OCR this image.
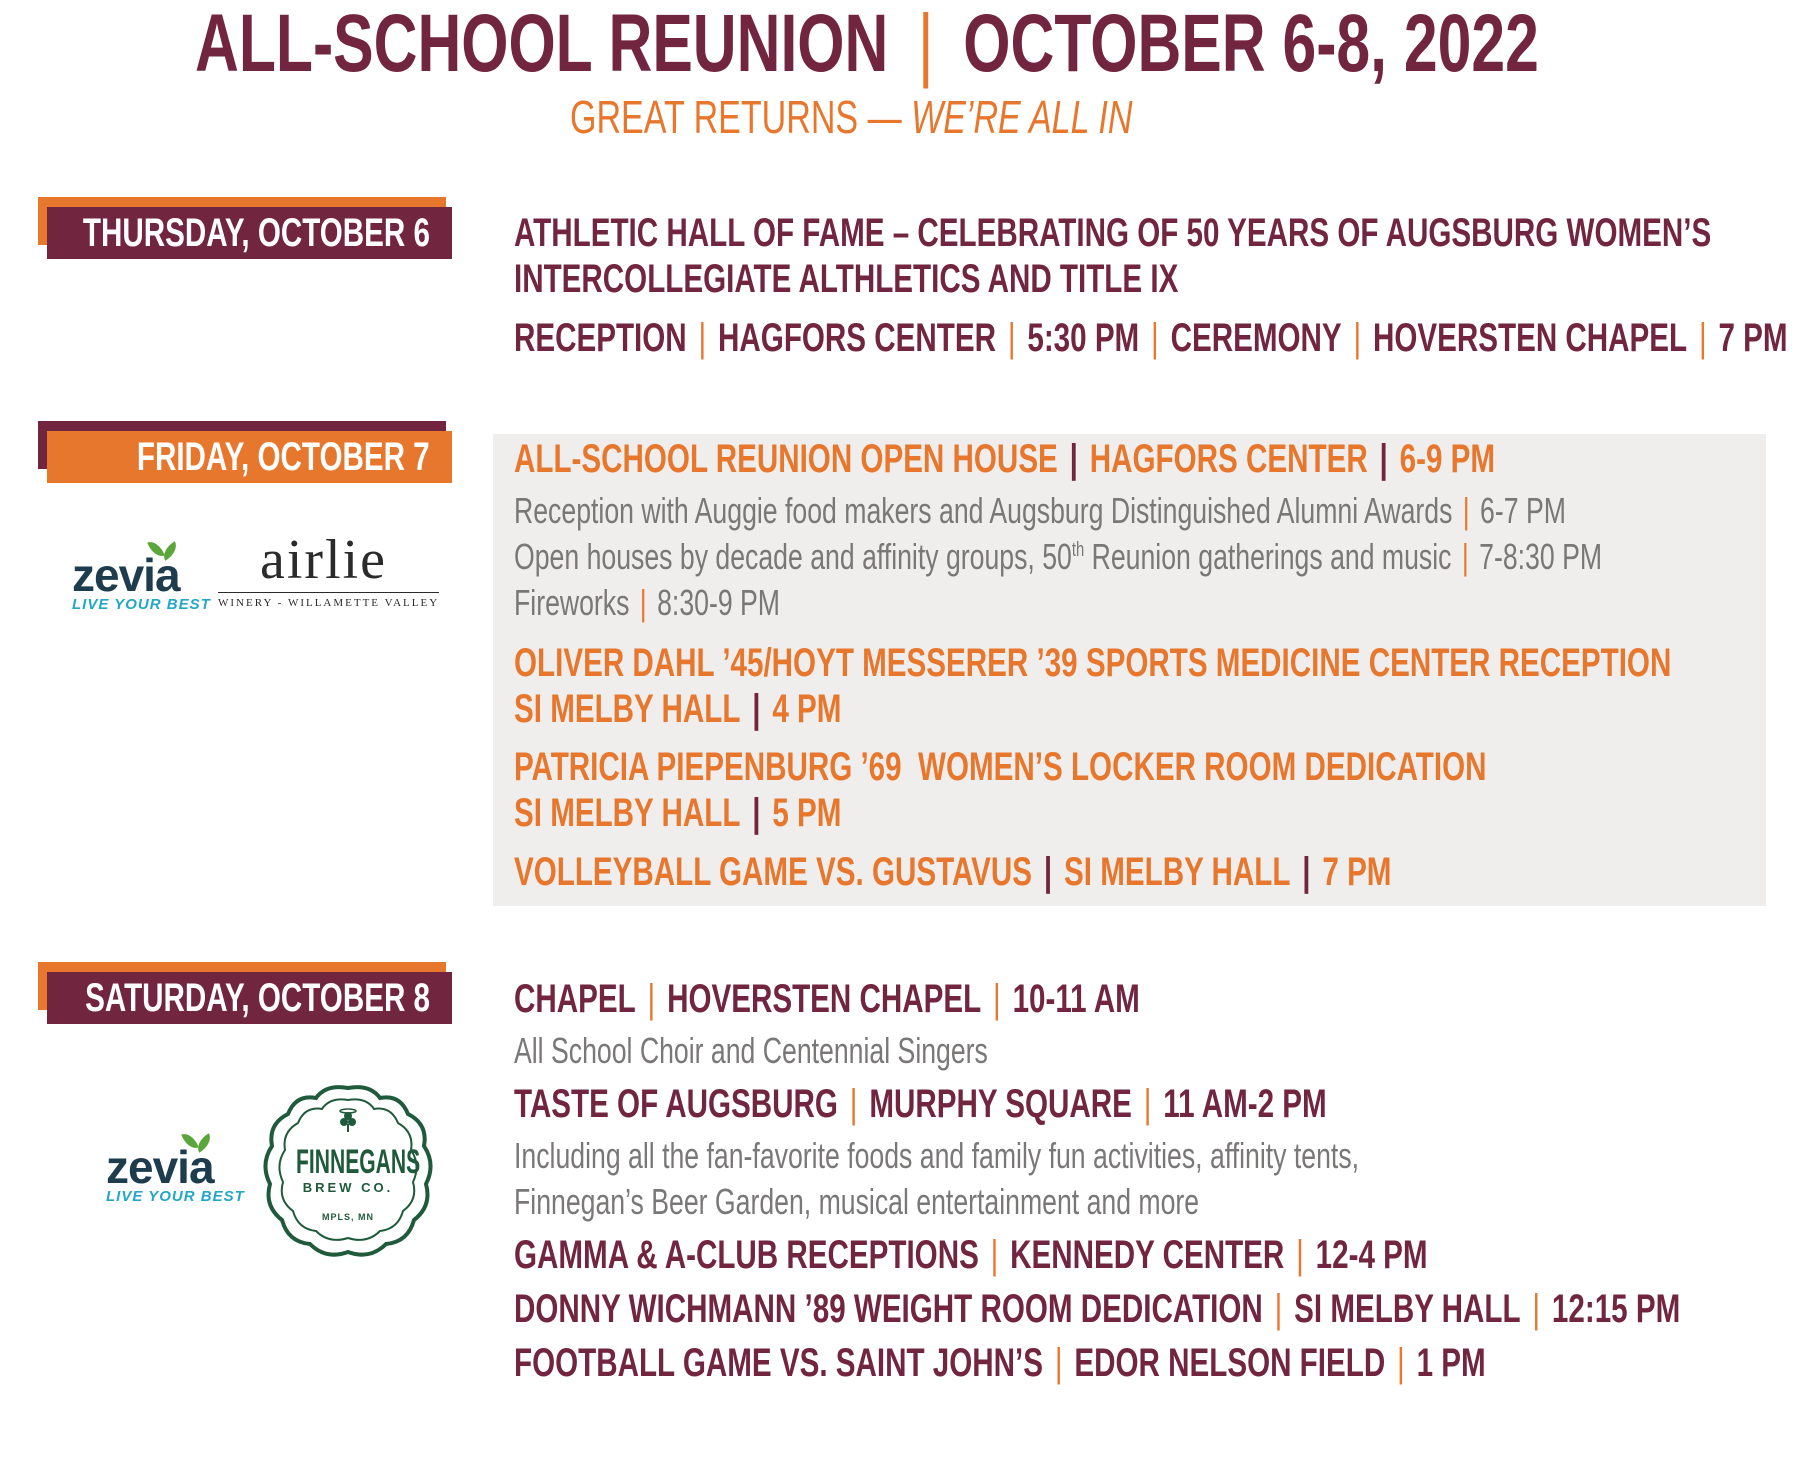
ALL-SCHOOL REUNION | OCTOBER 6-8, 2022
GREAT RETURNS — WE’RE ALL IN
THURSDAY, OCTOBER 6 ATHLETIC HALL OF FAME – CELEBRATING OF 50 YEARS OF AUGSBURG WOMEN’S
INTERCOLLEGIATE ALTHLETICS AND TITLE IX
RECEPTION | HAGFORS CENTER | 5:30 PM | CEREMONY | HOVERSTEN CHAPEL | 7 PM
FRIDAY, OCTOBER 7 ALL-SCHOOL REUNION OPEN HOUSE | HAGFORS CENTER | 6-9 PM
Reception with Auggie food makers and Augsburg Distinguished Alumni Awards | 6-7 PM
Open houses by decade and affinity groups, 50th Reunion gatherings and music | 7-8:30 PM
Fireworks | 8:30-9 PM
OLIVER DAHL ’45/HOYT MESSERER ’39 SPORTS MEDICINE CENTER RECEPTION
SI MELBY HALL | 4 PM
PATRICIA PIEPENBURG ’69  WOMEN’S LOCKER ROOM DEDICATION
SI MELBY HALL | 5 PM
VOLLEYBALL GAME VS. GUSTAVUS | SI MELBY HALL | 7 PM
SATURDAY, OCTOBER 8 CHAPEL | HOVERSTEN CHAPEL | 10-11 AM
All School Choir and Centennial Singers
TASTE OF AUGSBURG | MURPHY SQUARE | 11 AM-2 PM
Including all the fan-favorite foods and family fun activities, affinity tents,
Finnegan’s Beer Garden, musical entertainment and more
GAMMA & A-CLUB RECEPTIONS | KENNEDY CENTER | 12-4 PM
DONNY WICHMANN ’89 WEIGHT ROOM DEDICATION | SI MELBY HALL | 12:15 PM
FOOTBALL GAME VS. SAINT JOHN’S | EDOR NELSON FIELD | 1 PM
zevia
LIVE YOUR BEST
airlie
WINERY - WILLAMETTE VALLEY
zevia
LIVE YOUR BEST
FINNEGANS
BREW CO.
MPLS, MN
